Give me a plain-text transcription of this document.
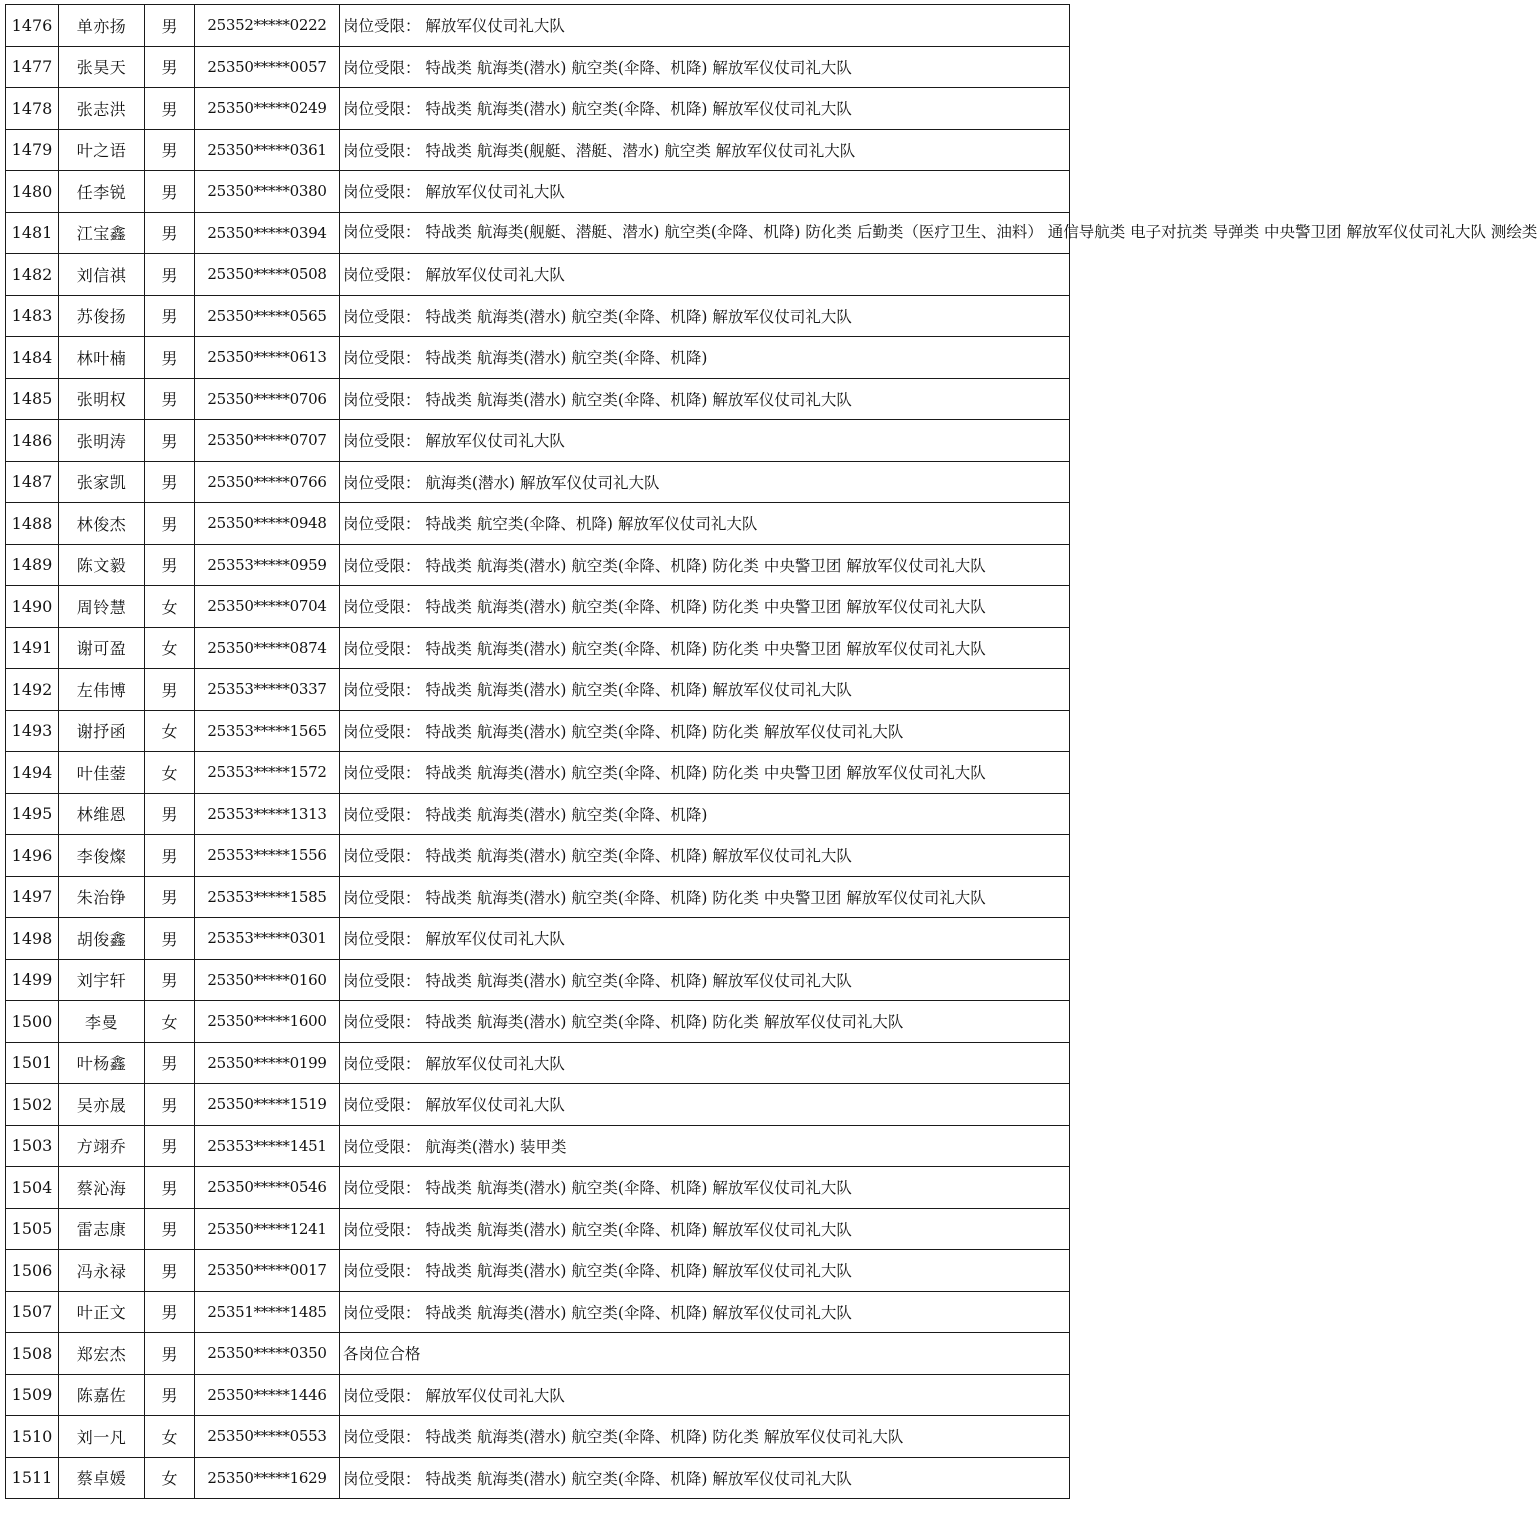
1476	单亦扬	男	25352*****0222	岗位受限： 解放军仪仗司礼大队
1477	张昊天	男	25350*****0057	岗位受限： 特战类 航海类(潜水) 航空类(伞降、机降) 解放军仪仗司礼大队
1478	张志洪	男	25350*****0249	岗位受限： 特战类 航海类(潜水) 航空类(伞降、机降) 解放军仪仗司礼大队
1479	叶之语	男	25350*****0361	岗位受限： 特战类 航海类(舰艇、潜艇、潜水) 航空类 解放军仪仗司礼大队
1480	任李锐	男	25350*****0380	岗位受限： 解放军仪仗司礼大队
1481	江宝鑫	男	25350*****0394	岗位受限： 特战类 航海类(舰艇、潜艇、潜水) 航空类(伞降、机降) 防化类 后勤类（医疗卫生、油料） 通信导航类 电子对抗类 导弹类 中央警卫团 解放军仪仗司礼大队 测绘类
1482	刘信祺	男	25350*****0508	岗位受限： 解放军仪仗司礼大队
1483	苏俊扬	男	25350*****0565	岗位受限： 特战类 航海类(潜水) 航空类(伞降、机降) 解放军仪仗司礼大队
1484	林叶楠	男	25350*****0613	岗位受限： 特战类 航海类(潜水) 航空类(伞降、机降)
1485	张明权	男	25350*****0706	岗位受限： 特战类 航海类(潜水) 航空类(伞降、机降) 解放军仪仗司礼大队
1486	张明涛	男	25350*****0707	岗位受限： 解放军仪仗司礼大队
1487	张家凯	男	25350*****0766	岗位受限： 航海类(潜水) 解放军仪仗司礼大队
1488	林俊杰	男	25350*****0948	岗位受限： 特战类 航空类(伞降、机降) 解放军仪仗司礼大队
1489	陈文毅	男	25353*****0959	岗位受限： 特战类 航海类(潜水) 航空类(伞降、机降) 防化类 中央警卫团 解放军仪仗司礼大队
1490	周铃慧	女	25350*****0704	岗位受限： 特战类 航海类(潜水) 航空类(伞降、机降) 防化类 中央警卫团 解放军仪仗司礼大队
1491	谢可盈	女	25350*****0874	岗位受限： 特战类 航海类(潜水) 航空类(伞降、机降) 防化类 中央警卫团 解放军仪仗司礼大队
1492	左伟博	男	25353*****0337	岗位受限： 特战类 航海类(潜水) 航空类(伞降、机降) 解放军仪仗司礼大队
1493	谢抒函	女	25353*****1565	岗位受限： 特战类 航海类(潜水) 航空类(伞降、机降) 防化类 解放军仪仗司礼大队
1494	叶佳蓥	女	25353*****1572	岗位受限： 特战类 航海类(潜水) 航空类(伞降、机降) 防化类 中央警卫团 解放军仪仗司礼大队
1495	林维恩	男	25353*****1313	岗位受限： 特战类 航海类(潜水) 航空类(伞降、机降)
1496	李俊燦	男	25353*****1556	岗位受限： 特战类 航海类(潜水) 航空类(伞降、机降) 解放军仪仗司礼大队
1497	朱治铮	男	25353*****1585	岗位受限： 特战类 航海类(潜水) 航空类(伞降、机降) 防化类 中央警卫团 解放军仪仗司礼大队
1498	胡俊鑫	男	25353*****0301	岗位受限： 解放军仪仗司礼大队
1499	刘宇轩	男	25350*****0160	岗位受限： 特战类 航海类(潜水) 航空类(伞降、机降) 解放军仪仗司礼大队
1500	李曼	女	25350*****1600	岗位受限： 特战类 航海类(潜水) 航空类(伞降、机降) 防化类 解放军仪仗司礼大队
1501	叶杨鑫	男	25350*****0199	岗位受限： 解放军仪仗司礼大队
1502	吴亦晟	男	25350*****1519	岗位受限： 解放军仪仗司礼大队
1503	方翊乔	男	25353*****1451	岗位受限： 航海类(潜水) 装甲类
1504	蔡沁海	男	25350*****0546	岗位受限： 特战类 航海类(潜水) 航空类(伞降、机降) 解放军仪仗司礼大队
1505	雷志康	男	25350*****1241	岗位受限： 特战类 航海类(潜水) 航空类(伞降、机降) 解放军仪仗司礼大队
1506	冯永禄	男	25350*****0017	岗位受限： 特战类 航海类(潜水) 航空类(伞降、机降) 解放军仪仗司礼大队
1507	叶正文	男	25351*****1485	岗位受限： 特战类 航海类(潜水) 航空类(伞降、机降) 解放军仪仗司礼大队
1508	郑宏杰	男	25350*****0350	各岗位合格
1509	陈嘉佐	男	25350*****1446	岗位受限： 解放军仪仗司礼大队
1510	刘一凡	女	25350*****0553	岗位受限： 特战类 航海类(潜水) 航空类(伞降、机降) 防化类 解放军仪仗司礼大队
1511	蔡卓媛	女	25350*****1629	岗位受限： 特战类 航海类(潜水) 航空类(伞降、机降) 解放军仪仗司礼大队
